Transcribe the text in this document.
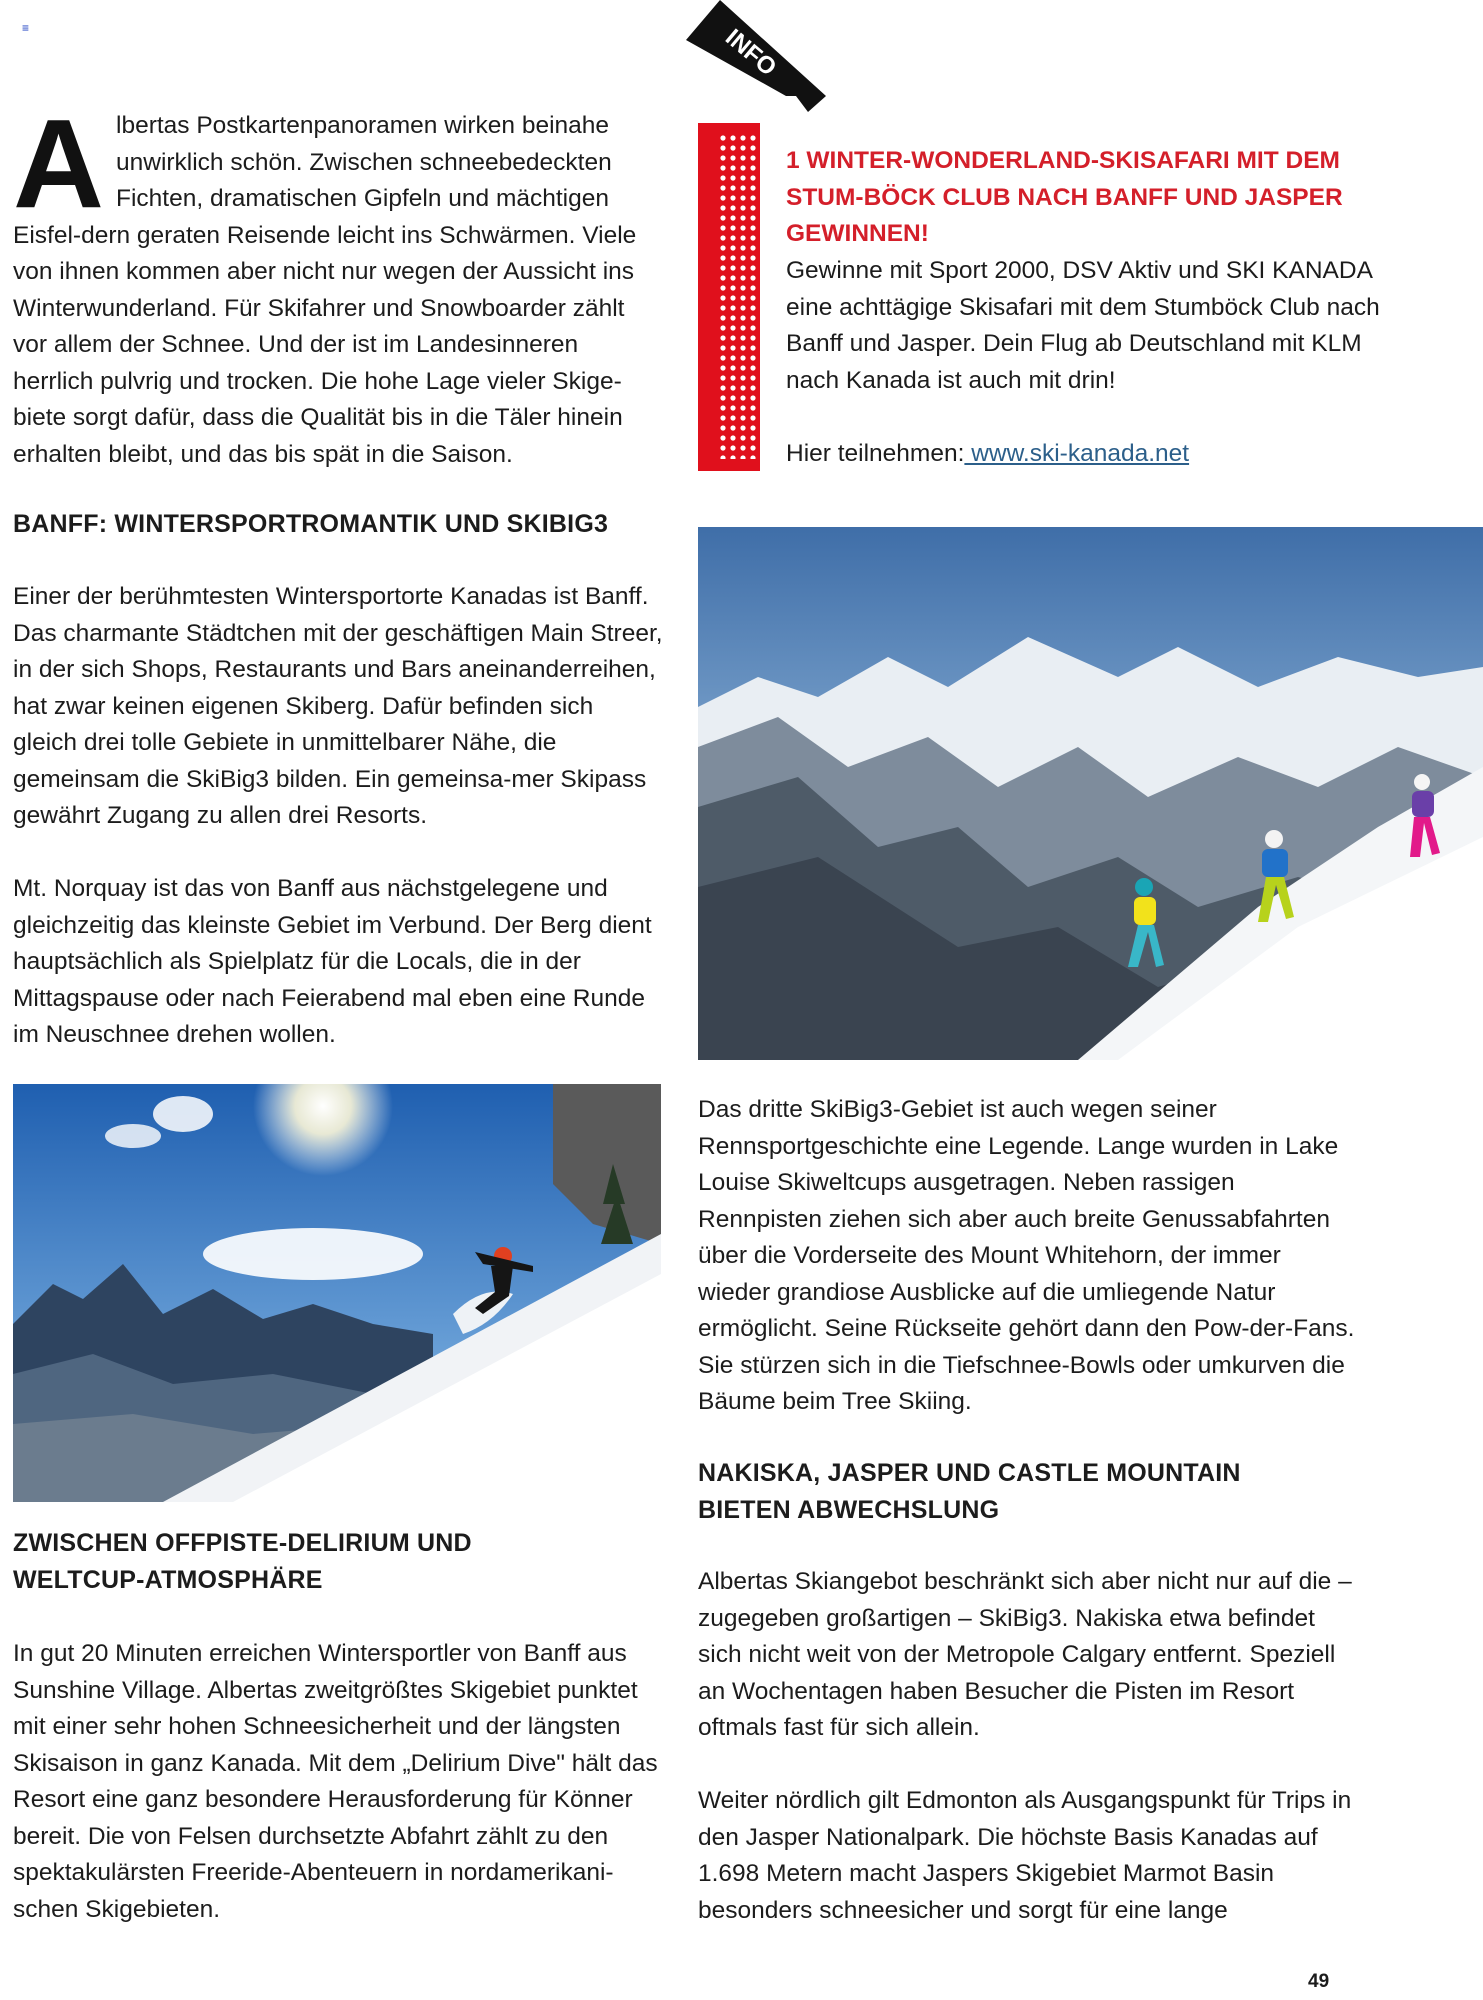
≡	INFO
A lbertas Postkartenpanoramen wirken beinahe unwirklich schön. Zwischen schneebedeckten Fichten, dramatischen Gipfeln und mächtigen Eisfel-dern geraten Reisende leicht ins Schwärmen. Viele von ihnen kommen aber nicht nur wegen der Aussicht ins Winterwunderland. Für Skifahrer und Snowboarder zählt vor allem der Schnee. Und der ist im Landesinneren herrlich pulvrig und trocken. Die hohe Lage vieler Skige-biete sorgt dafür, dass die Qualität bis in die Täler hinein erhalten bleibt, und das bis spät in die Saison.

1 WINTER-WONDERLAND-SKISAFARI MIT DEM STUM-BÖCK CLUB NACH BANFF UND JASPER GEWINNEN!

Gewinne mit Sport 2000, DSV Aktiv und SKI KANADA eine achttägige Skisafari mit dem Stumböck Club nach Banff und Jasper. Dein Flug ab Deutschland mit KLM nach Kanada ist auch mit drin!

Hier teilnehmen: www.ski-kanada.net

BANFF: WINTERSPORTROMANTIK UND SKIBIG3

Einer der berühmtesten Wintersportorte Kanadas ist Banff. Das charmante Städtchen mit der geschäftigen Main Streer, in der sich Shops, Restaurants und Bars aneinanderreihen, hat zwar keinen eigenen Skiberg. Dafür befinden sich gleich drei tolle Gebiete in unmittelbarer Nähe, die gemeinsam die SkiBig3 bilden. Ein gemeinsa-mer Skipass gewährt Zugang zu allen drei Resorts.

Mt. Norquay ist das von Banff aus nächstgelegene und gleichzeitig das kleinste Gebiet im Verbund. Der Berg dient hauptsächlich als Spielplatz für die Locals, die in der Mittagspause oder nach Feierabend mal eben eine Runde im Neuschnee drehen wollen.

ZWISCHEN OFFPISTE-DELIRIUM UND
WELTCUP-ATMOSPHÄRE

In gut 20 Minuten erreichen Wintersportler von Banff aus Sunshine Village. Albertas zweitgrößtes Skigebiet punktet mit einer sehr hohen Schneesicherheit und der längsten Skisaison in ganz Kanada. Mit dem „Delirium Dive" hält das Resort eine ganz besondere Herausforderung für Könner bereit. Die von Felsen durchsetzte Abfahrt zählt zu den spektakulärsten Freeride-Abenteuern in nordamerikani-schen Skigebieten.

Das dritte SkiBig3-Gebiet ist auch wegen seiner Rennsportgeschichte eine Legende. Lange wurden in Lake Louise Skiweltcups ausgetragen. Neben rassigen Rennpisten ziehen sich aber auch breite Genussabfahrten über die Vorderseite des Mount Whitehorn, der immer wieder grandiose Ausblicke auf die umliegende Natur ermöglicht. Seine Rückseite gehört dann den Pow-der-Fans. Sie stürzen sich in die Tiefschnee-Bowls oder umkurven die Bäume beim Tree Skiing.

NAKISKA, JASPER UND CASTLE MOUNTAIN
BIETEN ABWECHSLUNG

Albertas Skiangebot beschränkt sich aber nicht nur auf die – zugegeben großartigen – SkiBig3. Nakiska etwa befindet sich nicht weit von der Metropole Calgary entfernt. Speziell an Wochentagen haben Besucher die Pisten im Resort oftmals fast für sich allein.

Weiter nördlich gilt Edmonton als Ausgangspunkt für Trips in den Jasper Nationalpark. Die höchste Basis Kanadas auf 1.698 Metern macht Jaspers Skigebiet Marmot Basin besonders schneesicher und sorgt für eine lange

49
